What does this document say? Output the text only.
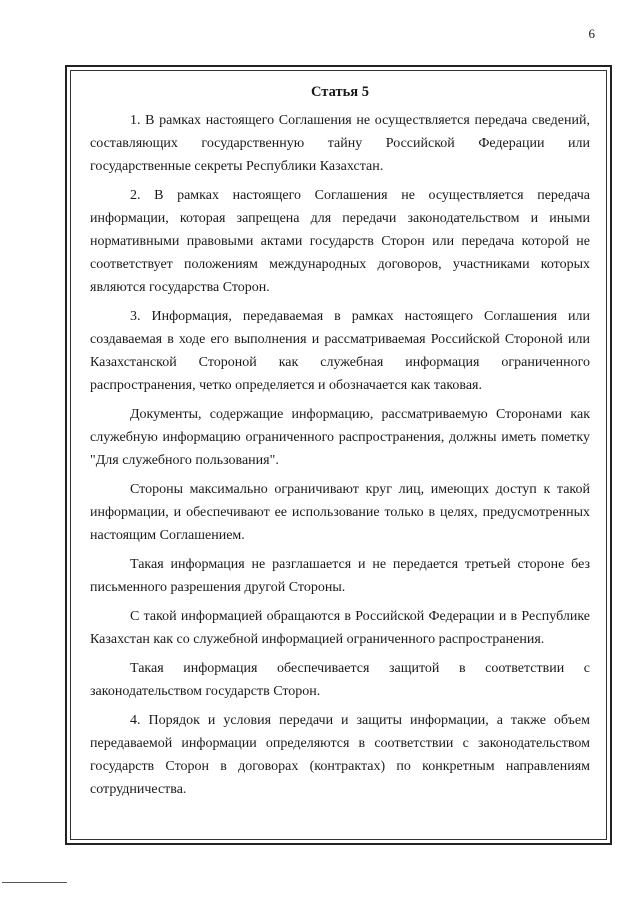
6
Статья 5

1. В рамках настоящего Соглашения не осуществляется передача сведений, составляющих государственную тайну Российской Федерации или государственные секреты Республики Казахстан.

2. В рамках настоящего Соглашения не осуществляется передача информации, которая запрещена для передачи законодательством и иными нормативными правовыми актами государств Сторон или передача которой не соответствует положениям международных договоров, участниками которых являются государства Сторон.

3. Информация, передаваемая в рамках настоящего Соглашения или создаваемая в ходе его выполнения и рассматриваемая Российской Стороной или Казахстанской Стороной как служебная информация ограниченного распространения, четко определяется и обозначается как таковая.

Документы, содержащие информацию, рассматриваемую Сторонами как служебную информацию ограниченного распространения, должны иметь пометку "Для служебного пользования".

Стороны максимально ограничивают круг лиц, имеющих доступ к такой информации, и обеспечивают ее использование только в целях, предусмотренных настоящим Соглашением.

Такая информация не разглашается и не передается третьей стороне без письменного разрешения другой Стороны.

С такой информацией обращаются в Российской Федерации и в Республике Казахстан как со служебной информацией ограниченного распространения.

Такая информация обеспечивается защитой в соответствии с законодательством государств Сторон.

4. Порядок и условия передачи и защиты информации, а также объем передаваемой информации определяются в соответствии с законодательством государств Сторон в договорах (контрактах) по конкретным направлениям сотрудничества.
